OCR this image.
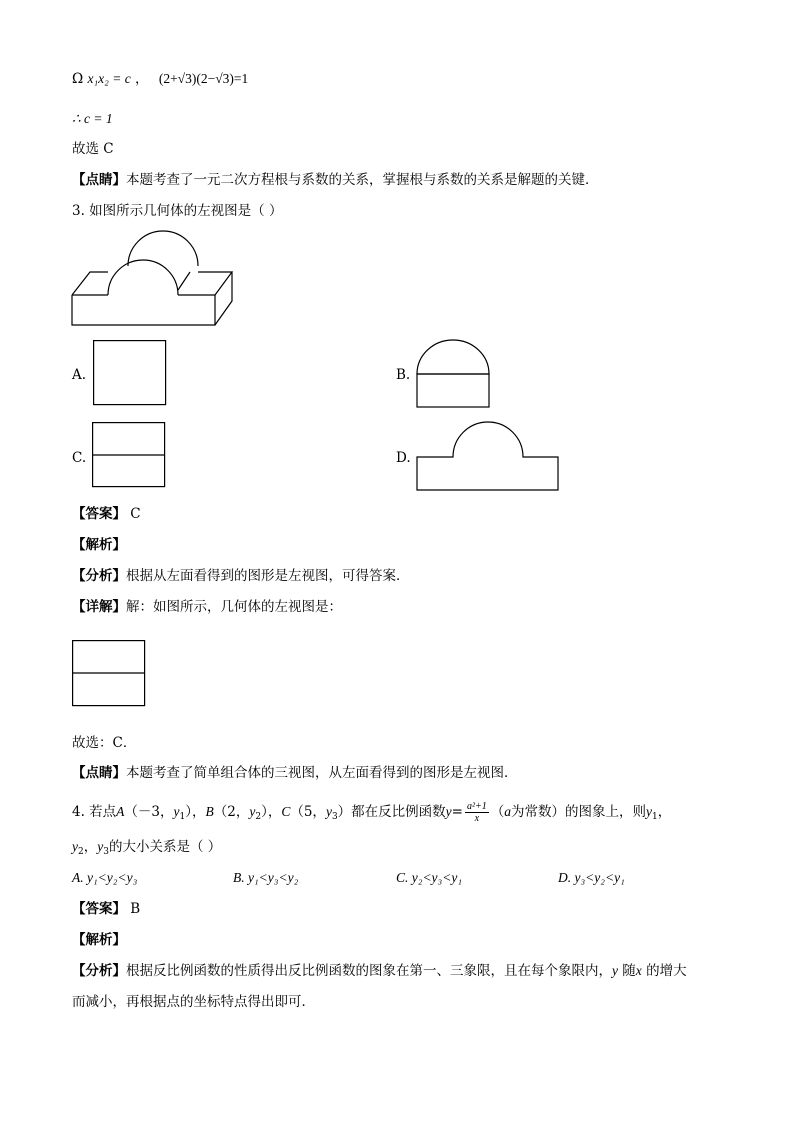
Ω x₁x₂ = c ， (2+√3)(2−√3)=1
∴ c = 1
故选 C
【点睛】本题考查了一元二次方程根与系数的关系，掌握根与系数的关系是解题的关键．
3. 如图所示几何体的左视图是（ ）
A.	B.
C.	D.
【答案】 C
【解析】
【分析】根据从左面看得到的图形是左视图，可得答案．
【详解】解：如图所示，几何体的左视图是：
故选：C．
【点睛】本题考查了简单组合体的三视图，从左面看得到的图形是左视图．
4. 若点A（－3，$y_1$），B（2，$y_2$），C（5，$y_3$）都在反比例函数$y= \frac{\text{a²+1}}{x} (a$为常数）的图象上，则$y_1$，
$y_2$，$y_3$的大小关系是（ ）
A. y₁<y₂<y₃	B. y₁<y₃<y₂	C. y₂<y₃<y₁	D. y₃<y₂<y₁
【答案】 B
【解析】
【分析】根据反比例函数的性质得出反比例函数的图象在第一、三象限，且在每个象限内，y 随x 的增大
而减小，再根据点的坐标特点得出即可．
